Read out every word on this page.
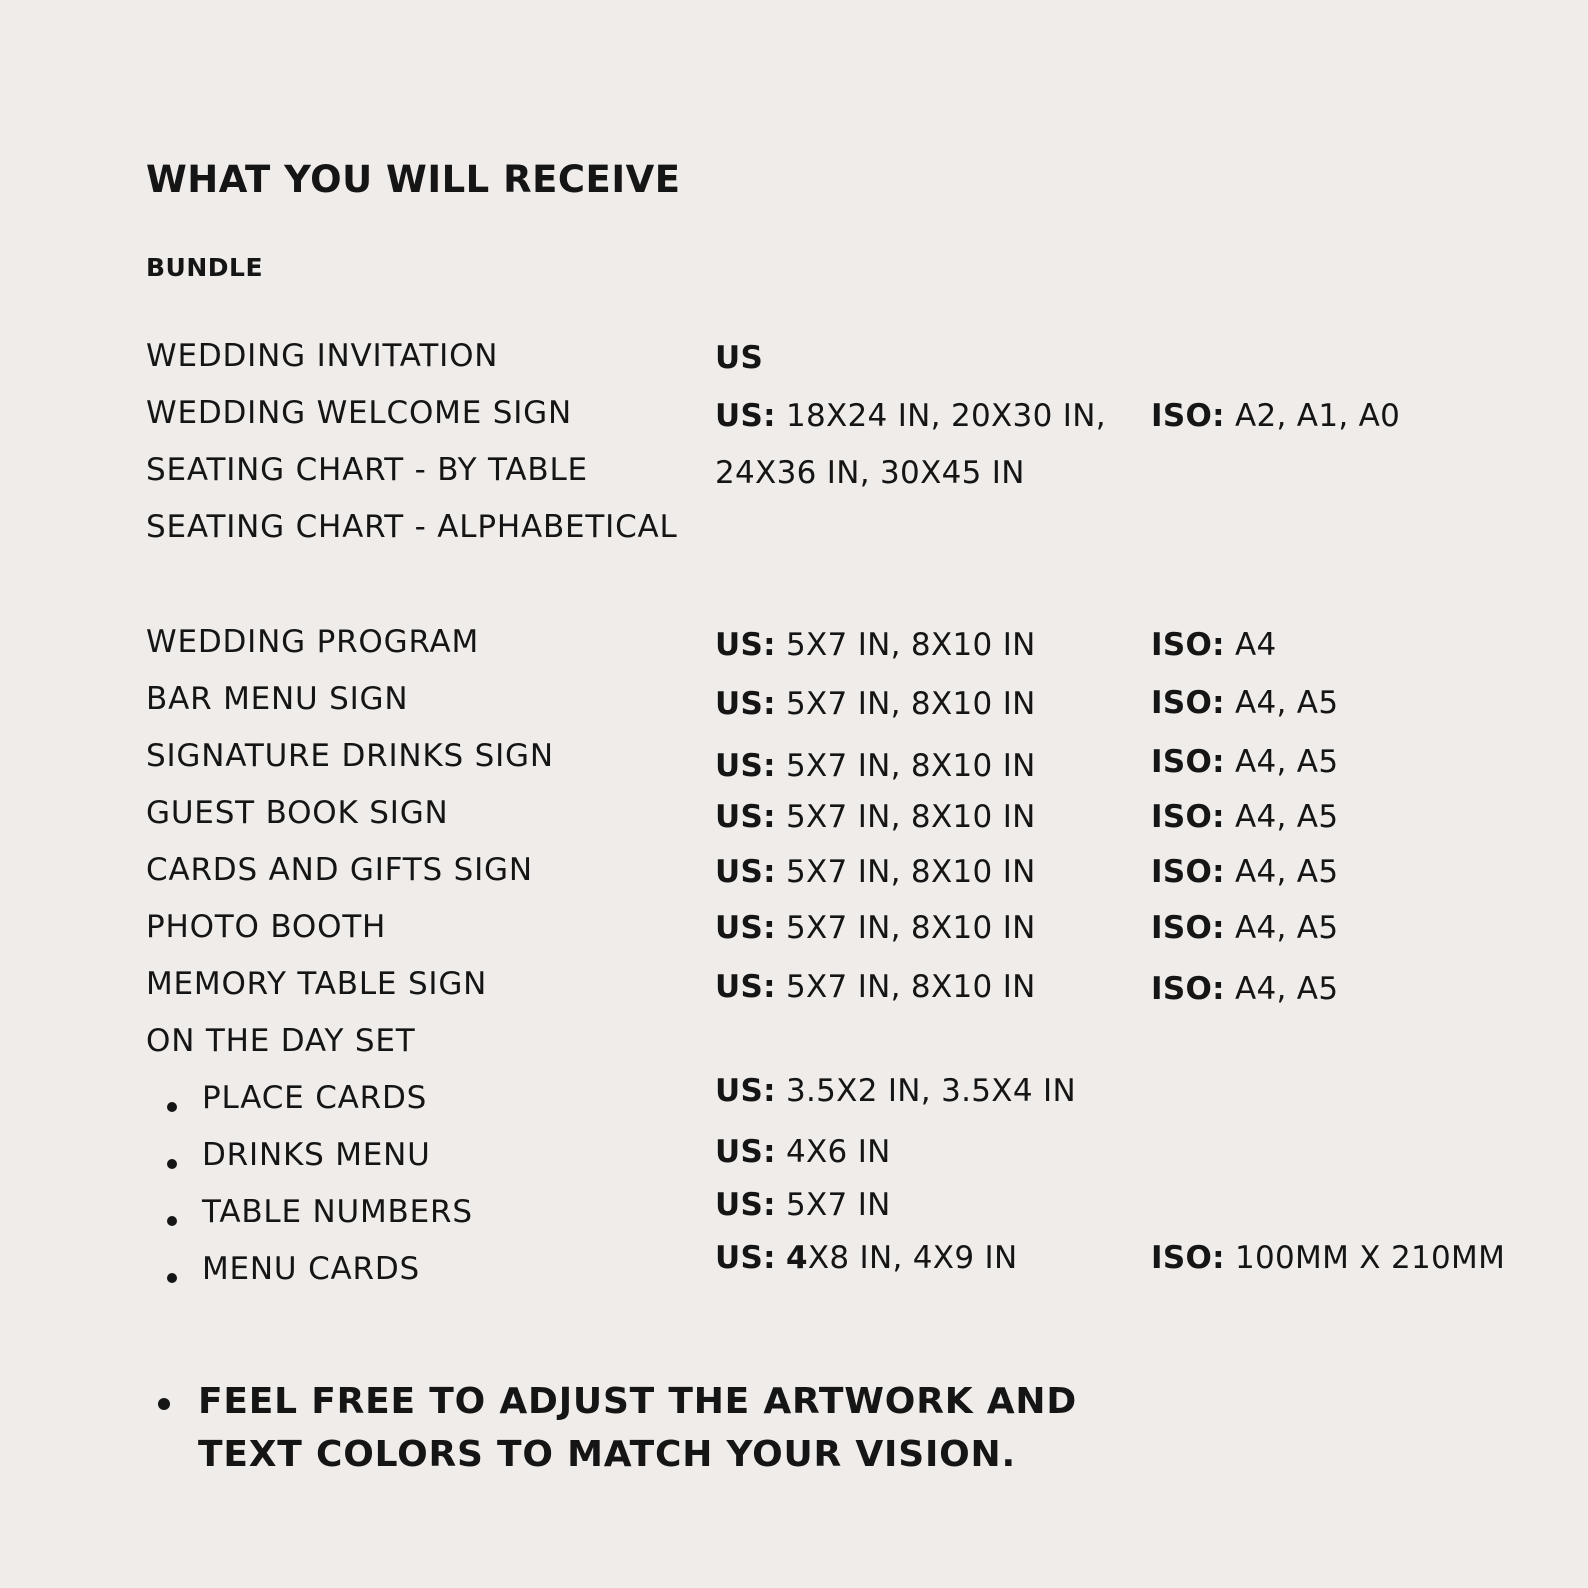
WHAT YOU WILL RECEIVE
BUNDLE
WEDDING INVITATION
WEDDING WELCOME SIGN
SEATING CHART - BY TABLE
SEATING CHART - ALPHABETICAL
WEDDING PROGRAM
BAR MENU SIGN
SIGNATURE DRINKS SIGN
GUEST BOOK SIGN
CARDS AND GIFTS SIGN
PHOTO BOOTH
MEMORY TABLE SIGN
ON THE DAY SET
PLACE CARDS
DRINKS MENU
TABLE NUMBERS
MENU CARDS
US
US: 18X24 IN, 20X30 IN,
24X36 IN, 30X45 IN
US: 5X7 IN, 8X10 IN
US: 5X7 IN, 8X10 IN
US: 5X7 IN, 8X10 IN
US: 5X7 IN, 8X10 IN
US: 5X7 IN, 8X10 IN
US: 5X7 IN, 8X10 IN
US: 5X7 IN, 8X10 IN
US: 3.5X2 IN, 3.5X4 IN
US: 4X6 IN
US: 5X7 IN
US: 4X8 IN, 4X9 IN
ISO: A2, A1, A0
ISO: A4
ISO: A4, A5
ISO: A4, A5
ISO: A4, A5
ISO: A4, A5
ISO: A4, A5
ISO: A4, A5
ISO: 100MM X 210MM
FEEL FREE TO ADJUST THE ARTWORK AND
TEXT COLORS TO MATCH YOUR VISION.
